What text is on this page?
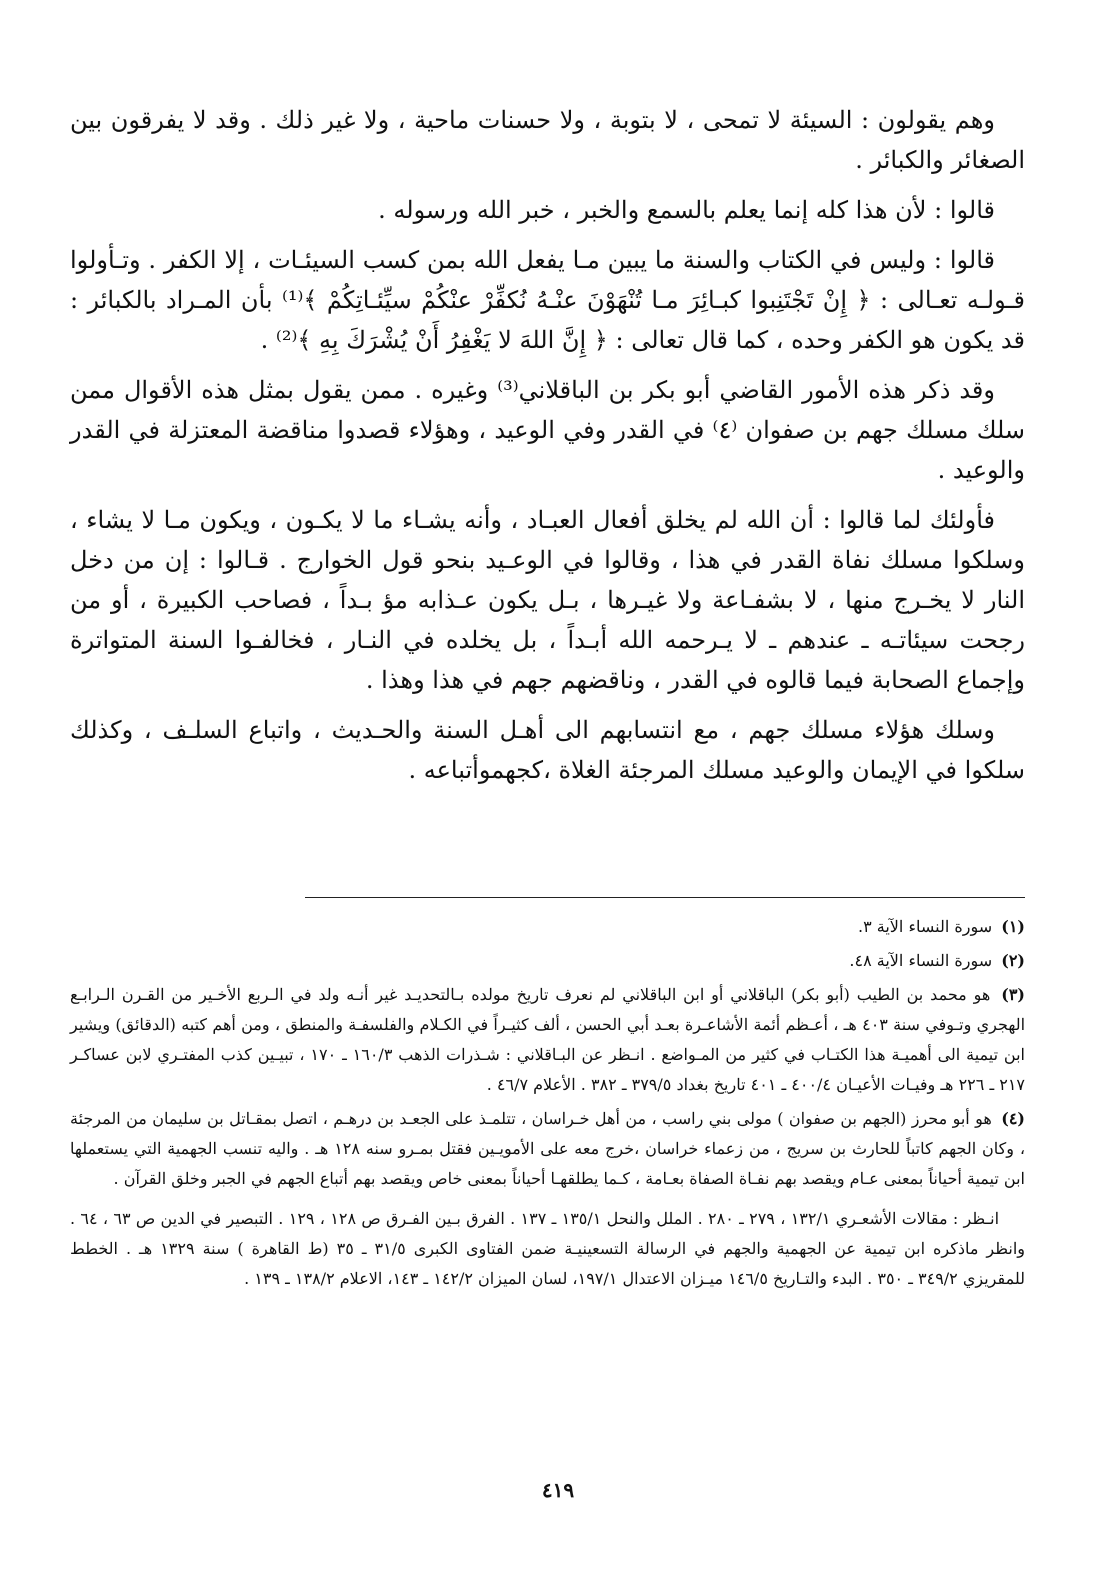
وهم يقولون : السيئة لا تمحى ، لا بتوبة ، ولا حسنات ماحية ، ولا غير ذلك . وقد لا يفرقون بين الصغائر والكبائر .

قالوا : لأن هذا كله إنما يعلم بالسمع والخبر ، خبر الله ورسوله .

قالوا : وليس في الكتاب والسنة ما يبين مـا يفعل الله بمن كسب السيئـات ، إلا الكفر . وتـأولوا قـولـه تعـالى : ﴿ إِنْ تَجْتَنِبوا كبـائِرَ مـا تُنْهَوْنَ عنْـهُ نُكفِّرْ عنْكُمْ سيِّئـاتِكُمْ ﴾⁽¹⁾ بأن المـراد بالكبائر : قد يكون هو الكفر وحده ، كما قال تعالى : ﴿ إِنَّ اللهَ لا يَغْفِرُ أَنْ يُشْرَكَ بِهِ ﴾⁽²⁾ .

وقد ذكر هذه الأمور القاضي أبو بكر بن الباقلاني⁽³⁾ وغيره . ممن يقول بمثل هذه الأقوال ممن سلك مسلك جهم بن صفوان ⁽٤⁾ في القدر وفي الوعيد ، وهؤلاء قصدوا مناقضة المعتزلة في القدر والوعيد .

فأولئك لما قالوا : أن الله لم يخلق أفعال العبـاد ، وأنه يشـاء ما لا يكـون ، ويكون مـا لا يشاء ، وسلكوا مسلك نفاة القدر في هذا ، وقالوا في الوعـيد بنحو قول الخوارج . قـالوا : إن من دخل النار لا يخـرج منها ، لا بشفـاعة ولا غيـرها ، بـل يكون عـذابه مؤ بـداً ، فصاحب الكبيرة ، أو من رجحت سيئاتـه ـ عندهم ـ لا يـرحمه الله أبـداً ، بل يخلده في النـار ، فخالفـوا السنة المتواترة وإجماع الصحابة فيما قالوه في القدر ، وناقضهم جهم في هذا وهذا .

وسلك هؤلاء مسلك جهم ، مع انتسابهم الى أهـل السنة والحـديث ، واتباع السلـف ، وكذلك سلكوا في الإيمان والوعيد مسلك المرجئة الغلاة ،كجهموأتباعه .

(١) سورة النساء الآية ٣.

(٢) سورة النساء الآية ٤٨.

(٣) هو محمد بن الطيب (أبو بكر) الباقلاني أو ابن الباقلاني لم نعرف تاريخ مولده بـالتحديـد غير أنـه ولد في الـربع الأخـير من القـرن الـرابـع الهجري وتـوفي سنة ٤٠٣ هـ ، أعـظم أئمة الأشاعـرة بعـد أبي الحسن ، ألف كثيـراً في الكـلام والفلسفـة والمنطق ، ومن أهم كتبه (الدقائق) ويشير ابن تيمية الى أهميـة هذا الكتـاب في كثير من المـواضع . انـظر عن البـاقلاني : شـذرات الذهب ١٦٠/٣ ـ ١٧٠ ، تبيـين كذب المفتـري لابن عساكـر ٢١٧ ـ ٢٢٦ هـ وفيـات الأعيـان ٤٠٠/٤ ـ ٤٠١ تاريخ بغداد ٣٧٩/٥ ـ ٣٨٢ . الأعلام ٤٦/٧ .

(٤) هو أبو محرز (الجهم بن صفوان ) مولى بني راسب ، من أهل خـراسان ، تتلمـذ على الجعـد بن درهـم ، اتصل بمقـاتل بن سليمان من المرجئة ، وكان الجهم كاتباً للحارث بن سريج ، من زعماء خراسان ،خرج معه على الأمويـين فقتل بمـرو سنه ١٢٨ هـ . واليه تنسب الجهمية التي يستعملها ابن تيمية أحياناً بمعنى عـام ويقصد بهم نفـاة الصفاة بعـامة ، كـما يطلقهـا أحياناً بمعنى خاص ويقصد بهم أتباع الجهم في الجبر وخلق القرآن .

انـظر : مقالات الأشعـري ١٣٢/١ ، ٢٧٩ ـ ٢٨٠ . الملل والنحل ١٣٥/١ ـ ١٣٧ . الفرق بـين الفـرق ص ١٢٨ ، ١٢٩ . التبصير في الدين ص ٦٣ ، ٦٤ . وانظر ماذكره ابن تيمية عن الجهمية والجهم في الرسالة التسعينيـة ضمن الفتاوى الكبرى ٣١/٥ ـ ٣٥ (ط القاهرة ) سنة ١٣٢٩ هـ . الخطط للمقريزي ٣٤٩/٢ ـ ٣٥٠ . البدء والتـاريخ ١٤٦/٥ ميـزان الاعتدال ١٩٧/١، لسان الميزان ١٤٢/٢ ـ ١٤٣، الاعلام ١٣٨/٢ ـ ١٣٩ .

٤١٩
